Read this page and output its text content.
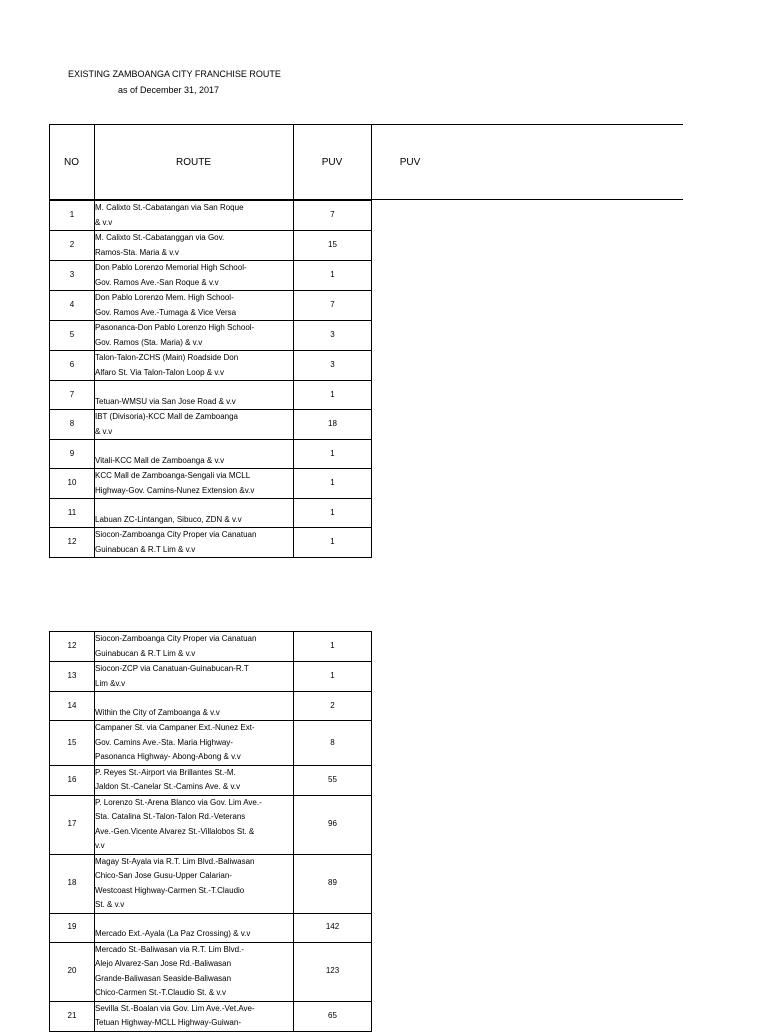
EXISTING ZAMBOANGA CITY FRANCHISE ROUTE
as of December 31, 2017
NO	ROUTE	PUV	PUV
1	M. Calixto St.-Cabatangan via San Roque
& v.v	7
2	M. Calixto St.-Cabatanggan via Gov.
Ramos-Sta. Maria & v.v	15
3	Don Pablo Lorenzo Memorial High School-
Gov. Ramos Ave.-San Roque & v.v	1
4	Don Pablo Lorenzo Mem. High School-
Gov. Ramos Ave.-Tumaga & Vice Versa	7
5	Pasonanca-Don Pablo Lorenzo High School-
Gov. Ramos (Sta. Maria) & v.v	3
6	Talon-Talon-ZCHS (Main) Roadside Don
Alfaro St. Via Talon-Talon Loop & v.v	3
7	Tetuan-WMSU via San Jose Road & v.v	1
8	IBT (Divisoria)-KCC Mall de Zamboanga
& v.v	18
9	Vitali-KCC Mall de Zamboanga & v.v	1
10	KCC Mall de Zamboanga-Sengali via MCLL
Highway-Gov. Camins-Nunez Extension &v.v	1
11	Labuan ZC-Lintangan, Sibuco, ZDN & v.v	1
12	Siocon-Zamboanga City Proper via Canatuan
Guinabucan & R.T Lim & v.v	1
12	Siocon-Zamboanga City Proper via Canatuan
Guinabucan & R.T Lim & v.v	1
13	Siocon-ZCP via Canatuan-Guinabucan-R.T
Lim &v.v	1
14	Within the City of Zamboanga & v.v	2
15	Campaner St. via Campaner Ext.-Nunez Ext-
Gov. Camins Ave.-Sta. Maria Highway-
Pasonanca Highway- Abong-Abong & v.v	8
16	P. Reyes St.-Airport via Brillantes St.-M.
Jaldon St.-Canelar St.-Camins Ave. & v.v	55
17	P. Lorenzo St.-Arena Blanco via Gov. Lim Ave.-
Sta. Catalina St.-Talon-Talon Rd.-Veterans
Ave.-Gen.Vicente Alvarez St.-Villalobos St. &
v.v	96
18	Magay St-Ayala via R.T. Lim Blvd.-Baliwasan
Chico-San Jose Gusu-Upper Calarian-
Westcoast Highway-Carmen St.-T.Claudio
St. & v.v	89
19	Mercado Ext.-Ayala (La Paz Crossing) & v.v	142
20	Mercado St.-Baliwasan via R.T. Lim Blvd.-
Alejo Alvarez-San Jose Rd.-Baliwasan
Grande-Baliwasan Seaside-Baliwasan
Chico-Carmen St.-T.Claudio St. & v.v	123
21	Sevilla St.-Boalan via Gov. Lim Ave.-Vet.Ave-
Tetuan Highway-MCLL Highway-Guiwan-	65
